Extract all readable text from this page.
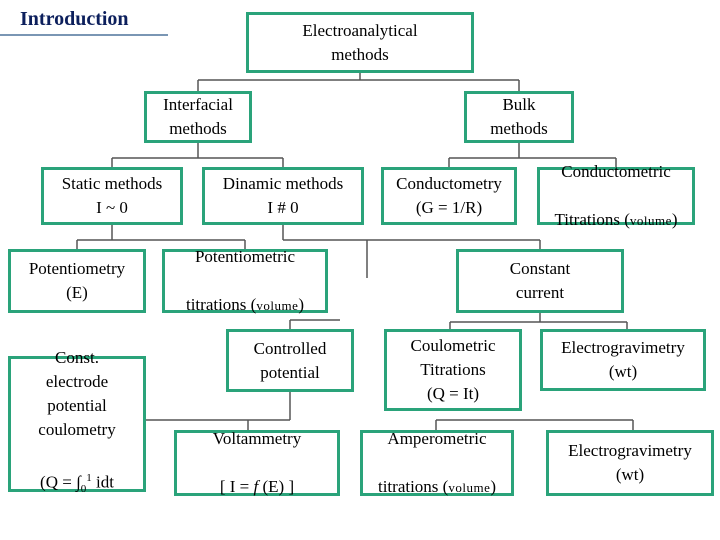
Introduction	Electroanalytical
methods
Interfacial
methods
Bulk
methods
Static methods
I ~ 0
Dinamic methods
I # 0
Conductometry
(G = 1/R)

Conductometric

Titrations (volume)

Potentiometry
(E)

Potentiometric

titrations (volume)

Constant
current
Controlled
potential
Coulometric
Titrations
(Q = It)
Electrogravimetry
(wt)

Const.
electrode
potential
coulometry

($Q = \int_0^1$ idt

Voltammetry

[ I = f (E) ]

Amperometric

titrations (volume)

Electrogravimetry
(wt)
